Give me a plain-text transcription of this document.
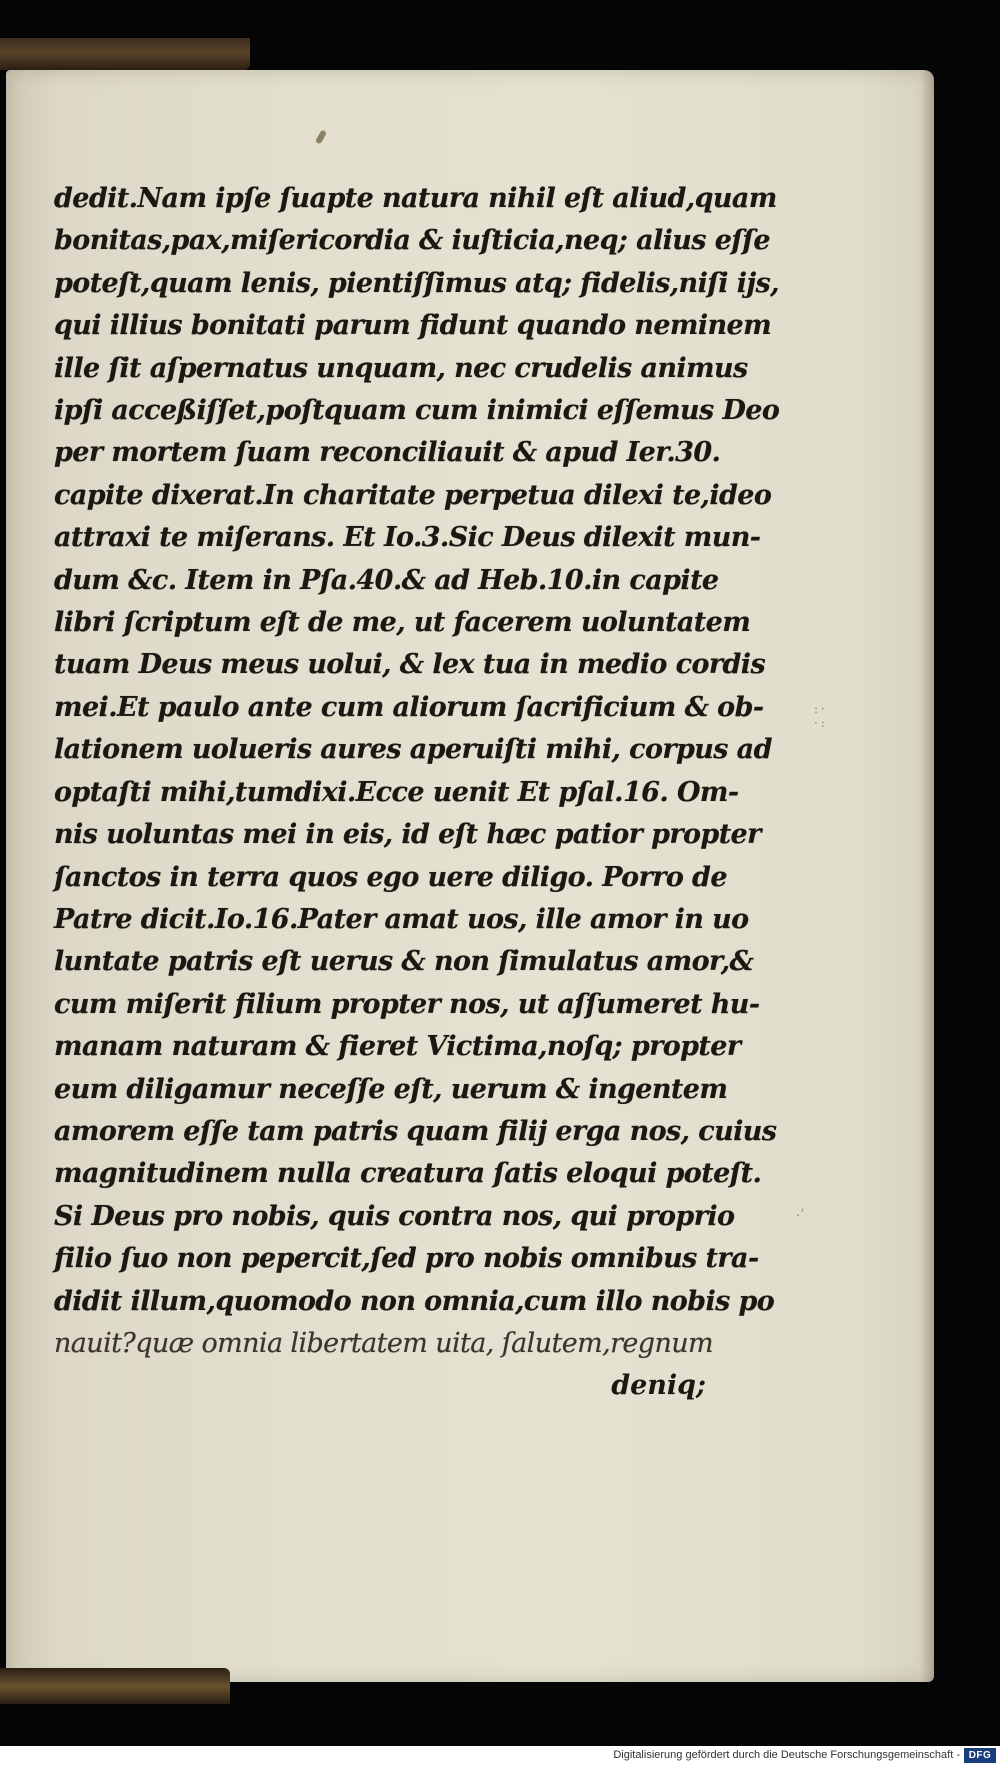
dedit.Nam ipſe ſuapte natura nihil eſt aliud,quam
bonitas,pax,miſericordia & iuſticia,neq; alius eſſe
poteſt,quam lenis, pientiſſimus atq; fidelis,niſi ijs,
qui illius bonitati parum fidunt quando neminem
ille ſit aſpernatus unquam, nec crudelis animus
ipſi acceßiſſet,poſtquam cum inimici eſſemus Deo
per mortem ſuam reconciliauit & apud Ier.30.
capite dixerat.In charitate perpetua dilexi te,ideo
attraxi te miſerans. Et Io.3.Sic Deus dilexit mun-
dum &c. Item in Pſa.40.& ad Heb.10.in capite
libri ſcriptum eſt de me, ut facerem uoluntatem
tuam Deus meus uolui, & lex tua in medio cordis
mei.Et paulo ante cum aliorum ſacrificium & ob-
lationem uolueris aures aperuiſti mihi, corpus ad
optaſti mihi,tumdixi.Ecce uenit Et pſal.16. Om-
nis uoluntas mei in eis, id eſt hæc patior propter
ſanctos in terra quos ego uere diligo. Porro de
Patre dicit.Io.16.Pater amat uos, ille amor in uo
luntate patris eſt uerus & non ſimulatus amor,&
cum miſerit filium propter nos, ut aſſumeret hu-
manam naturam & fieret Victima,noſq; propter
eum diligamur neceſſe eſt, uerum & ingentem
amorem eſſe tam patris quam filij erga nos, cuius
magnitudinem nulla creatura ſatis eloqui poteſt.
Si Deus pro nobis, quis contra nos, qui proprio
filio ſuo non pepercit,ſed pro nobis omnibus tra-
didit illum,quomodo non omnia,cum illo nobis po
nauit?quæ omnia libertatem uita, ſalutem,regnum
deniq;
:·
·:
·ʹ
Digitalisierung gefördert durch die Deutsche Forschungsgemeinschaft - DFG
